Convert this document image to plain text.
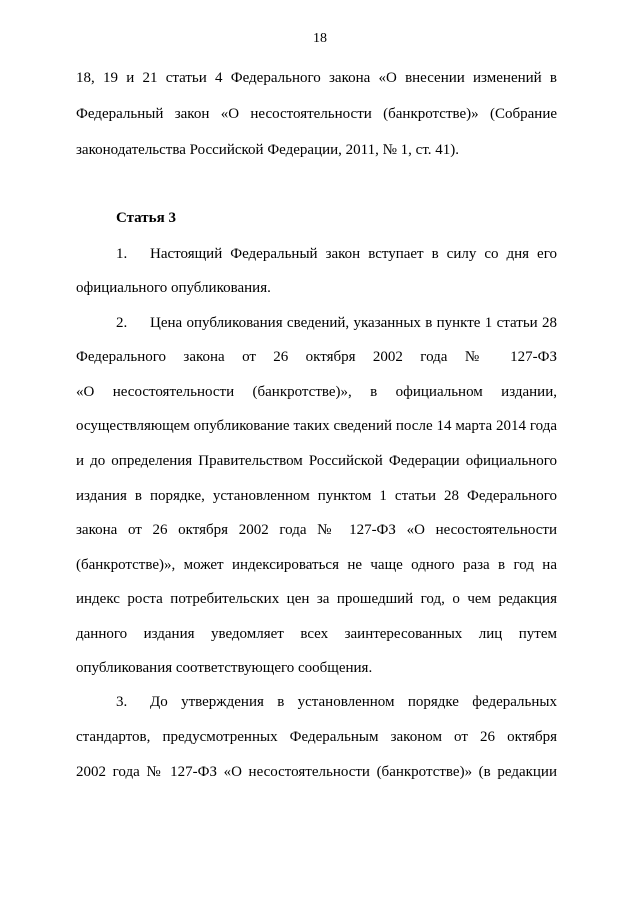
18
18, 19 и 21 статьи 4 Федерального закона «О внесении изменений в
Федеральный закон «О несостоятельности (банкротстве)» (Собрание
законодательства Российской Федерации, 2011, № 1, ст. 41).
Статья 3
1.	Настоящий Федеральный закон вступает в силу со дня его
официального опубликования.
2.	Цена опубликования сведений, указанных в пункте 1 статьи 28
Федерального закона от 26 октября 2002 года № 127-ФЗ
«О несостоятельности (банкротстве)», в официальном издании,
осуществляющем опубликование таких сведений после 14 марта 2014 года
и до определения Правительством Российской Федерации официального
издания в порядке, установленном пунктом 1 статьи 28 Федерального
закона от 26 октября 2002 года № 127-ФЗ «О несостоятельности
(банкротстве)», может индексироваться не чаще одного раза в год на
индекс роста потребительских цен за прошедший год, о чем редакция
данного издания уведомляет всех заинтересованных лиц путем
опубликования соответствующего сообщения.
3.	До утверждения в установленном порядке федеральных
стандартов, предусмотренных Федеральным законом от 26 октября
2002 года № 127-ФЗ «О несостоятельности (банкротстве)» (в редакции
